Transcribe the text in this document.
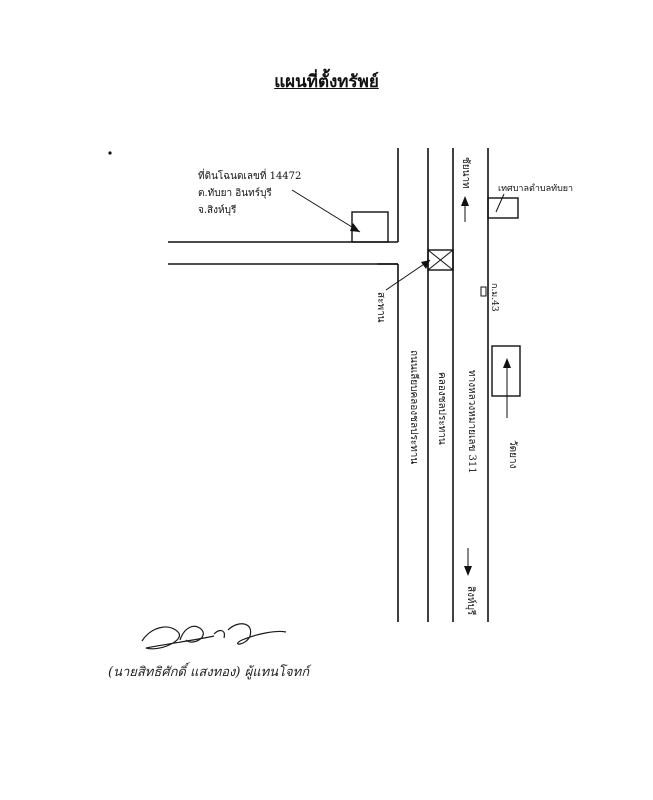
แผนที่ตั้งทรัพย์
ที่ดินโฉนดเลขที่ 14472
ต.ทับยา อินทร์บุรี
จ.สิงห์บุรี
เทศบาลตำบลทับยา
ชัยนาท
ก.ม.43
สะพาน
ถนนเลียบคลองชลประทาน คลองชลประทาน ทางหลวงหมายเลข 311	วัดยาง
สิงห์บุรี
(นายสิทธิศักดิ์ แสงทอง) ผู้แทนโจทก์
